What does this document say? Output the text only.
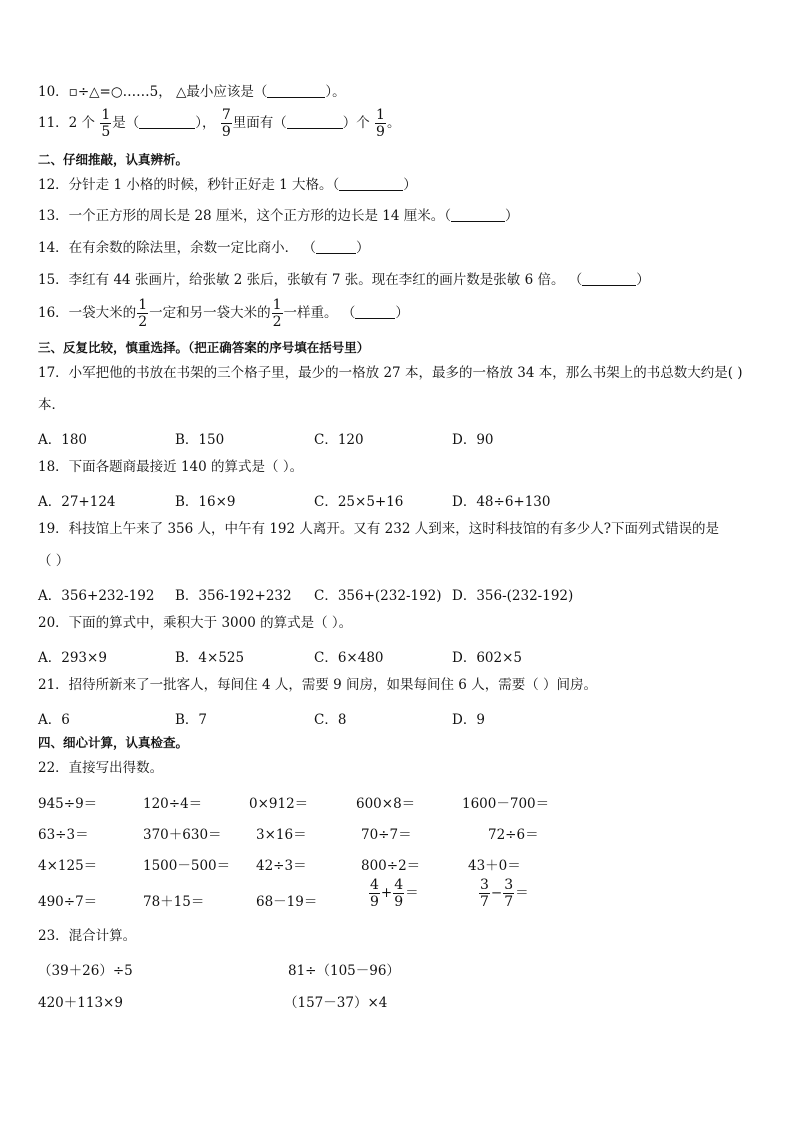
10．▫÷△=○……5， △最小应该是（	）。
11．2 个 $\frac{1}{5}$ 是（	）， $\frac{7}{9}$ 里面有（	）个 $\frac{1}{9}$ 。
二、仔细推敲，认真辨析。
12．分针走 1 小格的时候，秒针正好走 1 大格。（	）
13．一个正方形的周长是 28 厘米，这个正方形的边长是 14 厘米。（	）
14．在有余数的除法里，余数一定比商小． （	）
15．李红有 44 张画片，给张敏 2 张后，张敏有 7 张。现在李红的画片数是张敏 6 倍。 （	）
16．一袋大米的 $\frac{1}{2}$ 一定和另一袋大米的 $\frac{1}{2}$ 一样重。 （	）
三、反复比较，慎重选择。（把正确答案的序号填在括号里）
17．小军把他的书放在书架的三个格子里，最少的一格放 27 本，最多的一格放 34 本，那么书架上的书总数大约是( )
本．
A．180	B．150	C．120	D．90
18．下面各题商最接近 140 的算式是（ ）。
A．27+124	B．16×9	C．25×5+16	D．48÷6+130
19．科技馆上午来了 356 人，中午有 192 人离开。又有 232 人到来，这时科技馆的有多少人?下面列式错误的是
（ ）
A．356+232-192 B．356-192+232 C．356+(232-192) D．356-(232-192)
20．下面的算式中，乘积大于 3000 的算式是（ ）。
A．293×9	B．4×525	C．6×480	D．602×5
21．招待所新来了一批客人，每间住 4 人，需要 9 间房，如果每间住 6 人，需要（ ）间房。
A．6	B．7	C．8	D．9
四、细心计算，认真检查。
22．直接写出得数。
945÷9＝	120÷4＝	0×912＝	600×8＝	1600－700＝
63÷3＝	370＋630＝	3×16＝	70÷7＝	72÷6＝
4×125＝	1500－500＝ 42÷3＝	800÷2＝	43＋0＝
490÷7＝	78＋15＝	68－19＝	$\frac{4}{9} + \frac{4}{9}$ ＝	$\frac{3}{7} - \frac{3}{7}$ ＝
23．混合计算。
（39＋26）÷5	81÷（105－96）
420＋113×9	（157－37）×4
